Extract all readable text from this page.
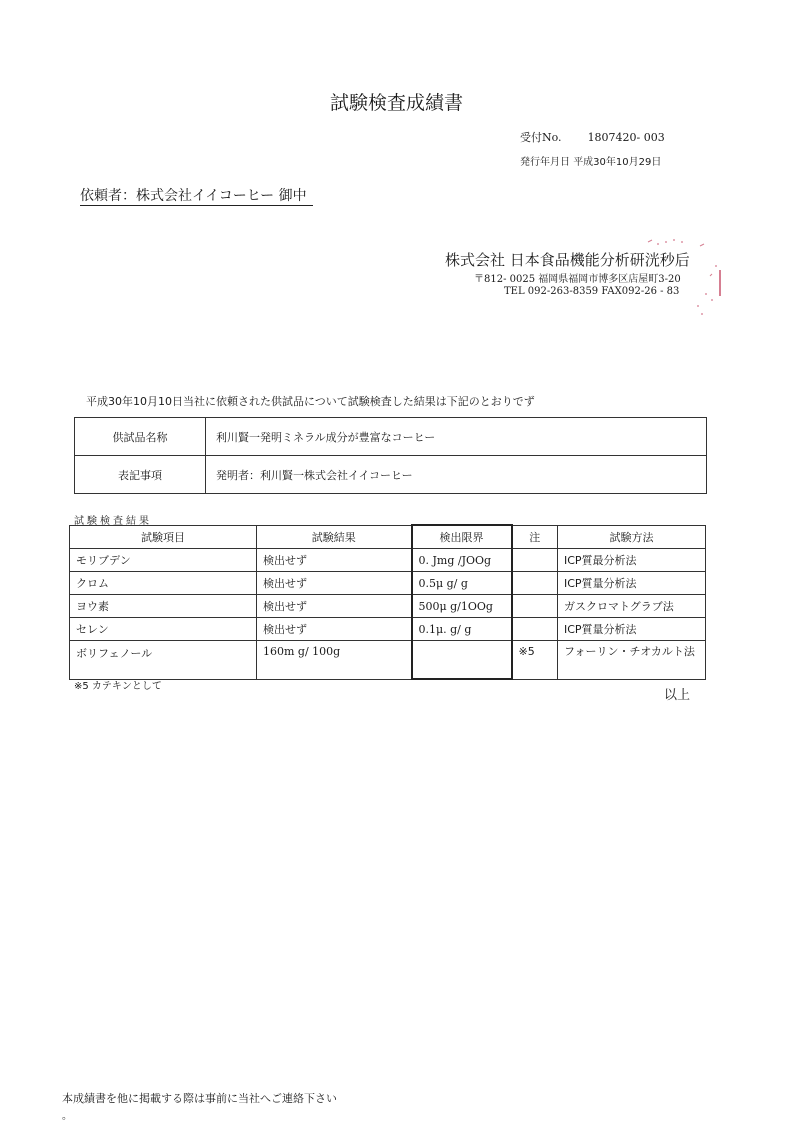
試験検査成績書
受付No. 1807420- 003
発行年月日 平成30年10月29日
依頼者：株式会社イイコーヒー 御中
株式会社 日本食品機能分析研洸秒后
〒812- 0025 福岡県福岡市博多区店屋町3-20
TEL 092-263-8359 FAX092-26 - 83
平成30年10月10日当社に依頼された供試品について試験検査した結果は下記のとおりでず
供試品名称	利川賢一発明ミネラル成分が豊富なコーヒー
表記事項	発明者：利川賢一株式会社イイコーヒー
試験検査結果
試験項目	試験結果	検出限界	注	試験方法
モリブデン	検出せず	0. Jmg /JOOg		ICP質最分析法
クロム	検出せず	0.5μ g/ g		ICP質量分析法
ヨウ素	検出せず	500μ g/1OOg		ガスクロマトグラブ法
セレン	検出せず	0.1μ. g/ g		ICP質量分析法
ボリフェノール	160m g/ 100g		※5	フォーリン・チオカルト法
※5 カテキンとして
以上
本成績書を他に掲載する際は事前に当社へご連絡下さい
。
